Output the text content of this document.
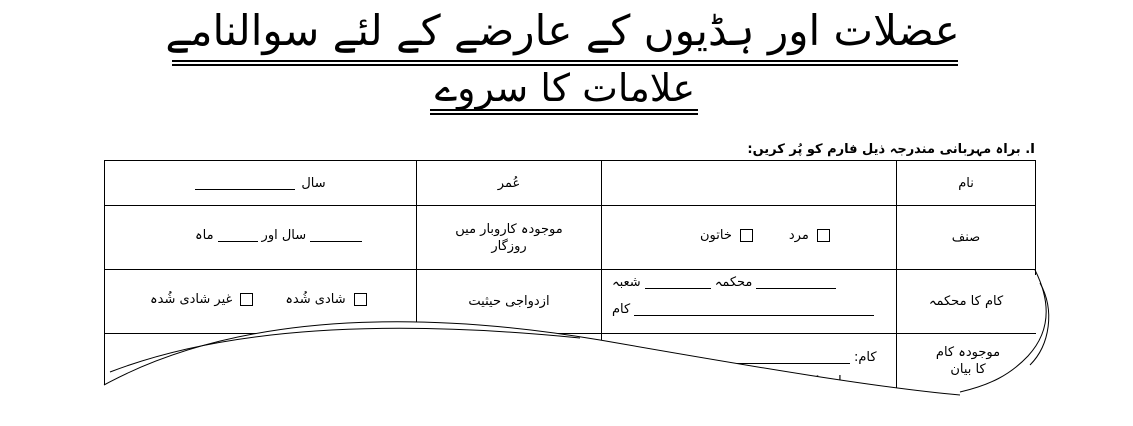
عضلات اور ہڈیوں کے عارضے کے لئے سوالنامے
علامات کا سروے
I. براہ مہربانی مندرجہ ذیل فارم کو پُر کریں:
نام
عُمر
سال
صنف
مرد
خاتون
موجودہ کاروبار میں روزگار
سال اور
ماہ
کام کا محکمہ
محکمہ
شعبہ
کام
ازدواجی حیثیت
شادی شُدہ
غیر شادی شُدہ
موجودہ کام
کا بیان
کام:
